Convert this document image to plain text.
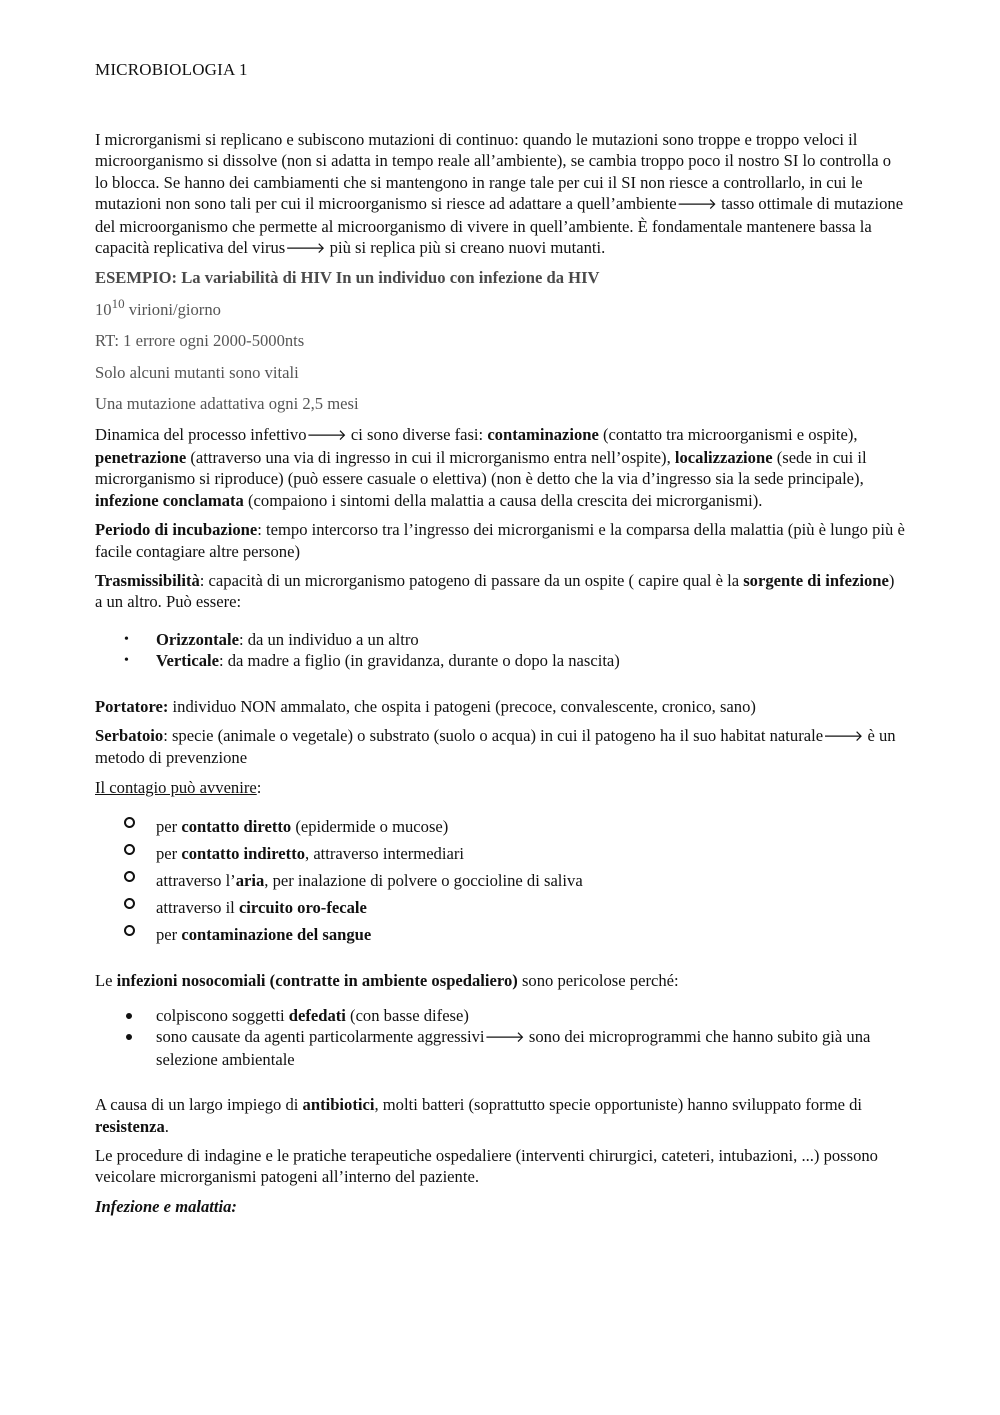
MICROBIOLOGIA 1

I microrganismi si replicano e subiscono mutazioni di continuo: quando le mutazioni sono troppe e troppo veloci il microorganismo si dissolve (non si adatta in tempo reale all’ambiente), se cambia troppo poco il nostro SI lo controlla o lo blocca. Se hanno dei cambiamenti che si mantengono in range tale per cui il SI non riesce a controllarlo, in cui le mutazioni non sono tali per cui il microorganismo si riesce ad adattare a quell’ambiente🡒 tasso ottimale di mutazione del microorganismo che permette al microorganismo di vivere in quell’ambiente. È fondamentale mantenere bassa la capacità replicativa del virus🡒 più si replica più si creano nuovi mutanti.

ESEMPIO: La variabilità di HIV In un individuo con infezione da HIV

$10^{10}$ virioni/giorno

RT: 1 errore ogni 2000-5000nts

Solo alcuni mutanti sono vitali

Una mutazione adattativa ogni 2,5 mesi

Dinamica del processo infettivo🡒 ci sono diverse fasi: contaminazione (contatto tra microorganismi e ospite), penetrazione (attraverso una via di ingresso in cui il microrganismo entra nell’ospite), localizzazione (sede in cui il microrganismo si riproduce) (può essere casuale o elettiva) (non è detto che la via d’ingresso sia la sede principale), infezione conclamata (compaiono i sintomi della malattia a causa della crescita dei microrganismi).

Periodo di incubazione: tempo intercorso tra l’ingresso dei microrganismi e la comparsa della malattia (più è lungo più è facile contagiare altre persone)

Trasmissibilità: capacità di un microrganismo patogeno di passare da un ospite ( capire qual è la sorgente di infezione) a un altro. Può essere:

• Orizzontale: da un individuo a un altro
• Verticale: da madre a figlio (in gravidanza, durante o dopo la nascita)

Portatore: individuo NON ammalato, che ospita i patogeni (precoce, convalescente, cronico, sano)

Serbatoio: specie (animale o vegetale) o substrato (suolo o acqua) in cui il patogeno ha il suo habitat naturale🡒 è un metodo di prevenzione

Il contagio può avvenire:

per contatto diretto (epidermide o mucose)
per contatto indiretto, attraverso intermediari
attraverso l’aria, per inalazione di polvere o goccioline di saliva
attraverso il circuito oro-fecale
per contaminazione del sangue

Le infezioni nosocomiali (contratte in ambiente ospedaliero) sono pericolose perché:

colpiscono soggetti defedati (con basse difese)
sono causate da agenti particolarmente aggressivi🡒 sono dei microprogrammi che hanno subito già una selezione ambientale

A causa di un largo impiego di antibiotici, molti batteri (soprattutto specie opportuniste) hanno sviluppato forme di resistenza.

Le procedure di indagine e le pratiche terapeutiche ospedaliere (interventi chirurgici, cateteri, intubazioni, ...) possono veicolare microrganismi patogeni all’interno del paziente.

Infezione e malattia:
